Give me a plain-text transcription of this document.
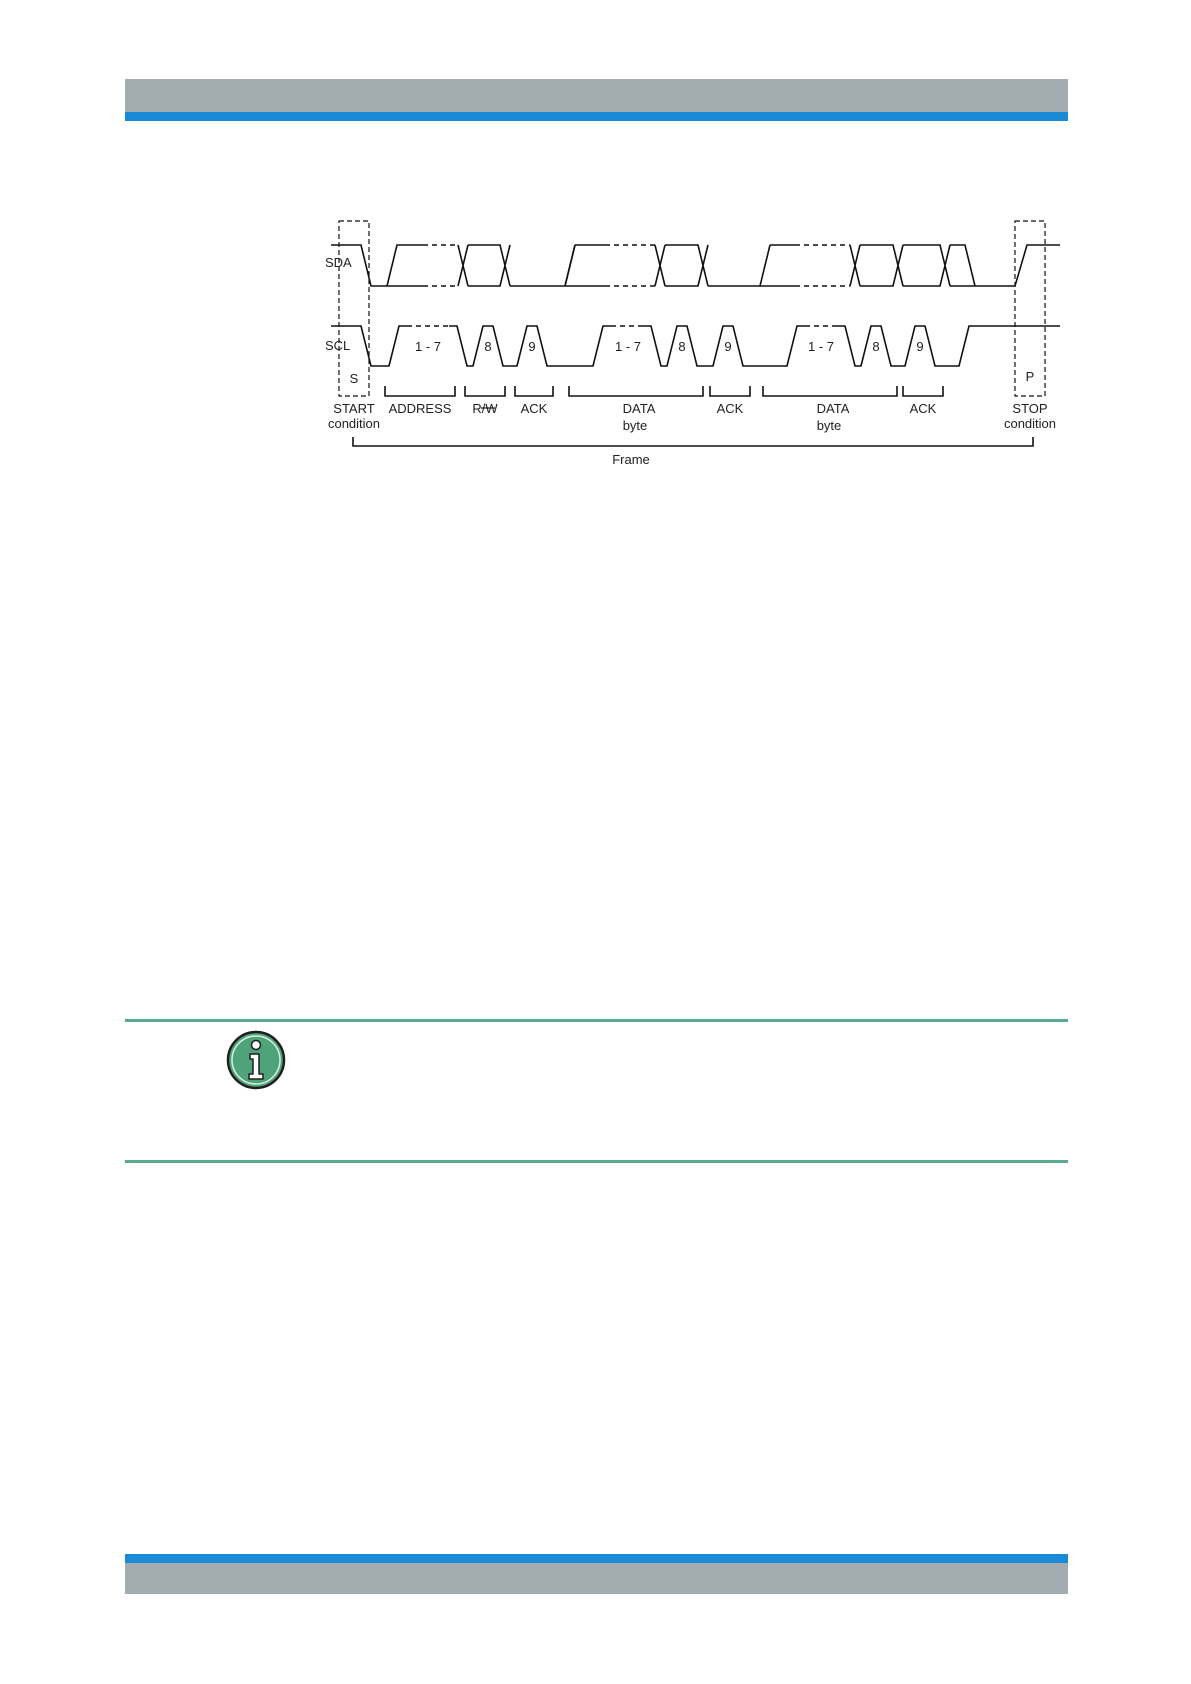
SDA
SCL	1 - 7	8	9	1 - 7	8	9	1 - 7	8	9
S	P
START
condition
ADDRESS R/W ACK	DATA
byte
ACK	DATA
byte
ACK	STOP
condition
Frame
